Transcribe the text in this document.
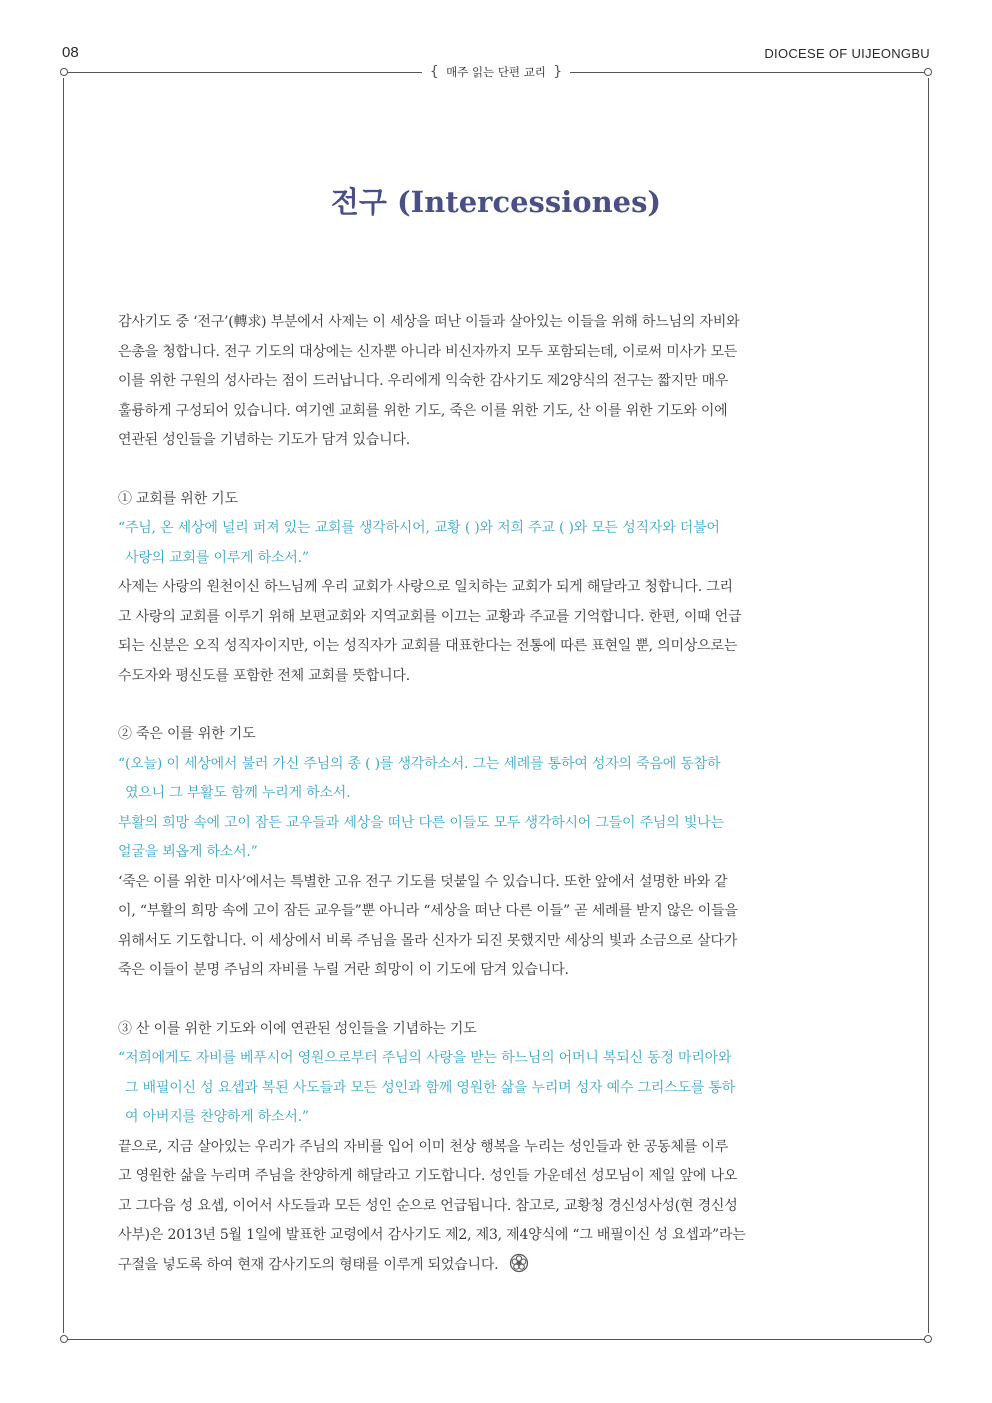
08	DIOCESE OF UIJEONGBU
{ 매주 읽는 단편 교리 }
전구 (Intercessiones)

감사기도 중 ‘전구’(轉求) 부분에서 사제는 이 세상을 떠난 이들과 살아있는 이들을 위해 하느님의 자비와

은총을 청합니다. 전구 기도의 대상에는 신자뿐 아니라 비신자까지 모두 포함되는데, 이로써 미사가 모든

이를 위한 구원의 성사라는 점이 드러납니다. 우리에게 익숙한 감사기도 제2양식의 전구는 짧지만 매우

훌륭하게 구성되어 있습니다. 여기엔 교회를 위한 기도, 죽은 이를 위한 기도, 산 이를 위한 기도와 이에

연관된 성인들을 기념하는 기도가 담겨 있습니다.

① 교회를 위한 기도

“주님, 온 세상에 널리 퍼져 있는 교회를 생각하시어, 교황 ( )와 저희 주교 ( )와 모든 성직자와 더불어

사랑의 교회를 이루게 하소서.”

사제는 사랑의 원천이신 하느님께 우리 교회가 사랑으로 일치하는 교회가 되게 해달라고 청합니다. 그리

고 사랑의 교회를 이루기 위해 보편교회와 지역교회를 이끄는 교황과 주교를 기억합니다. 한편, 이때 언급

되는 신분은 오직 성직자이지만, 이는 성직자가 교회를 대표한다는 전통에 따른 표현일 뿐, 의미상으로는

수도자와 평신도를 포함한 전체 교회를 뜻합니다.

② 죽은 이를 위한 기도

“(오늘) 이 세상에서 불러 가신 주님의 종 ( )를 생각하소서. 그는 세례를 통하여 성자의 죽음에 동참하

였으니 그 부활도 함께 누리게 하소서.

부활의 희망 속에 고이 잠든 교우들과 세상을 떠난 다른 이들도 모두 생각하시어 그들이 주님의 빛나는

얼굴을 뵈옵게 하소서.”

‘죽은 이를 위한 미사’에서는 특별한 고유 전구 기도를 덧붙일 수 있습니다. 또한 앞에서 설명한 바와 같

이, “부활의 희망 속에 고이 잠든 교우들”뿐 아니라 “세상을 떠난 다른 이들” 곧 세례를 받지 않은 이들을

위해서도 기도합니다. 이 세상에서 비록 주님을 몰라 신자가 되진 못했지만 세상의 빛과 소금으로 살다가

죽은 이들이 분명 주님의 자비를 누릴 거란 희망이 이 기도에 담겨 있습니다.

③ 산 이를 위한 기도와 이에 연관된 성인들을 기념하는 기도

“저희에게도 자비를 베푸시어 영원으로부터 주님의 사랑을 받는 하느님의 어머니 복되신 동정 마리아와

그 배필이신 성 요셉과 복된 사도들과 모든 성인과 함께 영원한 삶을 누리며 성자 예수 그리스도를 통하

여 아버지를 찬양하게 하소서.”

끝으로, 지금 살아있는 우리가 주님의 자비를 입어 이미 천상 행복을 누리는 성인들과 한 공동체를 이루

고 영원한 삶을 누리며 주님을 찬양하게 해달라고 기도합니다. 성인들 가운데선 성모님이 제일 앞에 나오

고 그다음 성 요셉, 이어서 사도들과 모든 성인 순으로 언급됩니다. 참고로, 교황청 경신성사성(현 경신성

사부)은 2013년 5월 1일에 발표한 교령에서 감사기도 제2, 제3, 제4양식에 “그 배필이신 성 요셉과”라는

구절을 넣도록 하여 현재 감사기도의 형태를 이루게 되었습니다.
